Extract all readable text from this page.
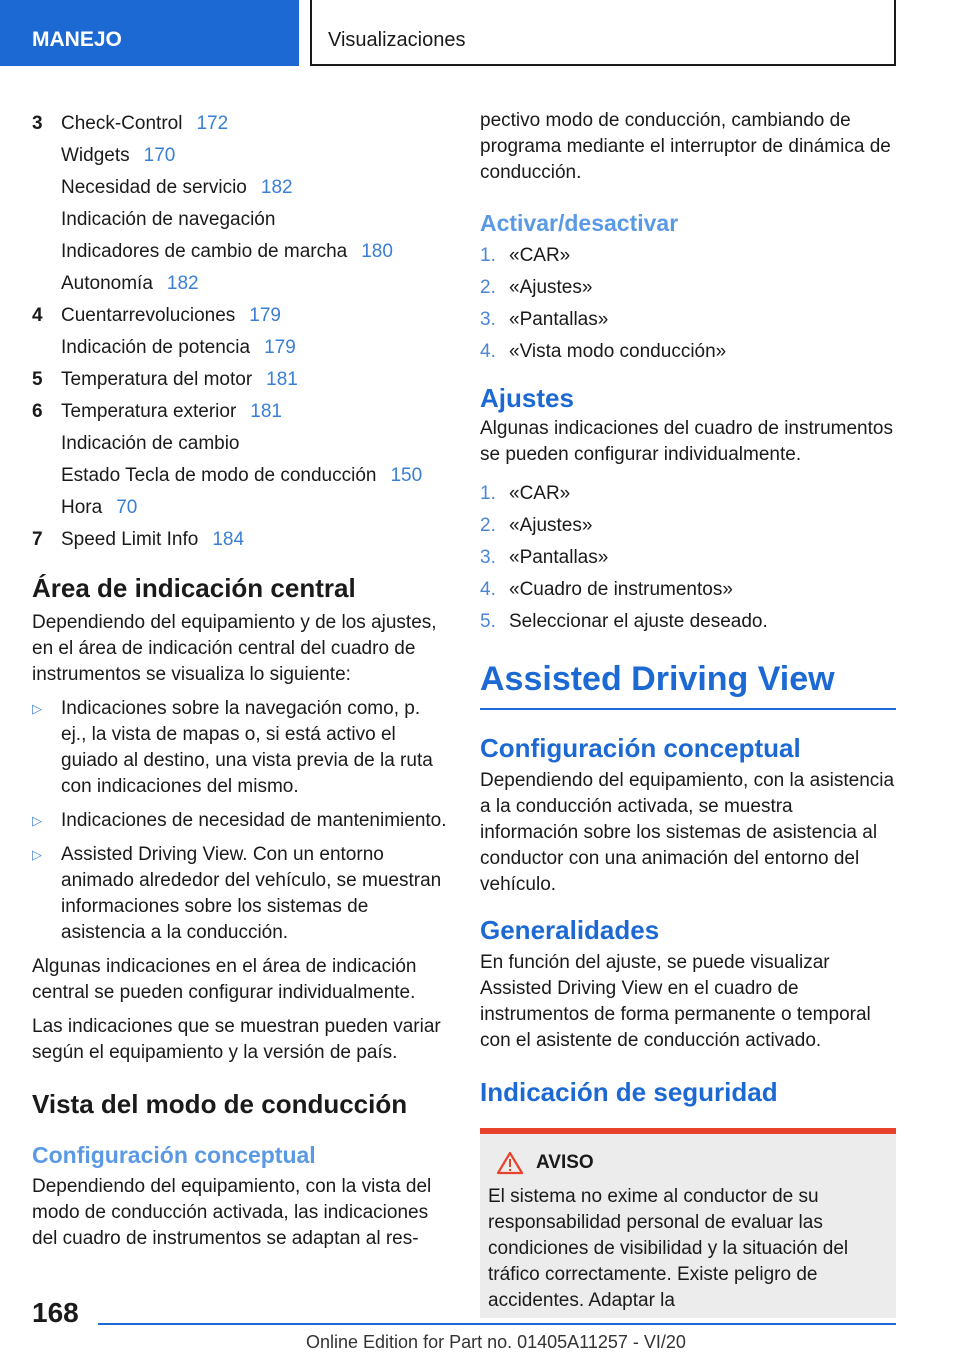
MANEJO	Visualizaciones
3 Check-Control 172
Widgets 170
Necesidad de servicio 182
Indicación de navegación
Indicadores de cambio de marcha 180
Autonomía 182
4 Cuentarrevoluciones 179
Indicación de potencia 179
5 Temperatura del motor 181
6 Temperatura exterior 181
Indicación de cambio
Estado Tecla de modo de conducción 150
Hora 70
7 Speed Limit Info 184
Área de indicación central

Dependiendo del equipamiento y de los ajustes, en el área de indicación central del cuadro de instrumentos se visualiza lo siguiente:

▷	Indicaciones sobre la navegación como, p. ej., la vista de mapas o, si está activo el guiado al destino, una vista previa de la ruta con indicaciones del mismo.
▷	Indicaciones de necesidad de mantenimiento.
▷	Assisted Driving View. Con un entorno animado alrededor del vehículo, se muestran informaciones sobre los sistemas de asistencia a la conducción.

Algunas indicaciones en el área de indicación central se pueden configurar individualmente.

Las indicaciones que se muestran pueden variar según el equipamiento y la versión de país.

Vista del modo de conducción
Configuración conceptual

Dependiendo del equipamiento, con la vista del modo de conducción activada, las indicaciones del cuadro de instrumentos se adaptan al res-

pectivo modo de conducción, cambiando de programa mediante el interruptor de dinámica de conducción.

Activar/desactivar
1. «CAR»
2. «Ajustes»
3. «Pantallas»
4. «Vista modo conducción»
Ajustes

Algunas indicaciones del cuadro de instrumentos se pueden configurar individualmente.

1. «CAR»
2. «Ajustes»
3. «Pantallas»
4. «Cuadro de instrumentos»
5. Seleccionar el ajuste deseado.
Assisted Driving View
Configuración conceptual

Dependiendo del equipamiento, con la asistencia a la conducción activada, se muestra información sobre los sistemas de asistencia al conductor con una animación del entorno del vehículo.

Generalidades

En función del ajuste, se puede visualizar Assisted Driving View en el cuadro de instrumentos de forma permanente o temporal con el asistente de conducción activado.

Indicación de seguridad
AVISO

El sistema no exime al conductor de su responsabilidad personal de evaluar las condiciones de visibilidad y la situación del tráfico correctamente. Existe peligro de accidentes. Adaptar la

168
Online Edition for Part no. 01405A11257 - VI/20
